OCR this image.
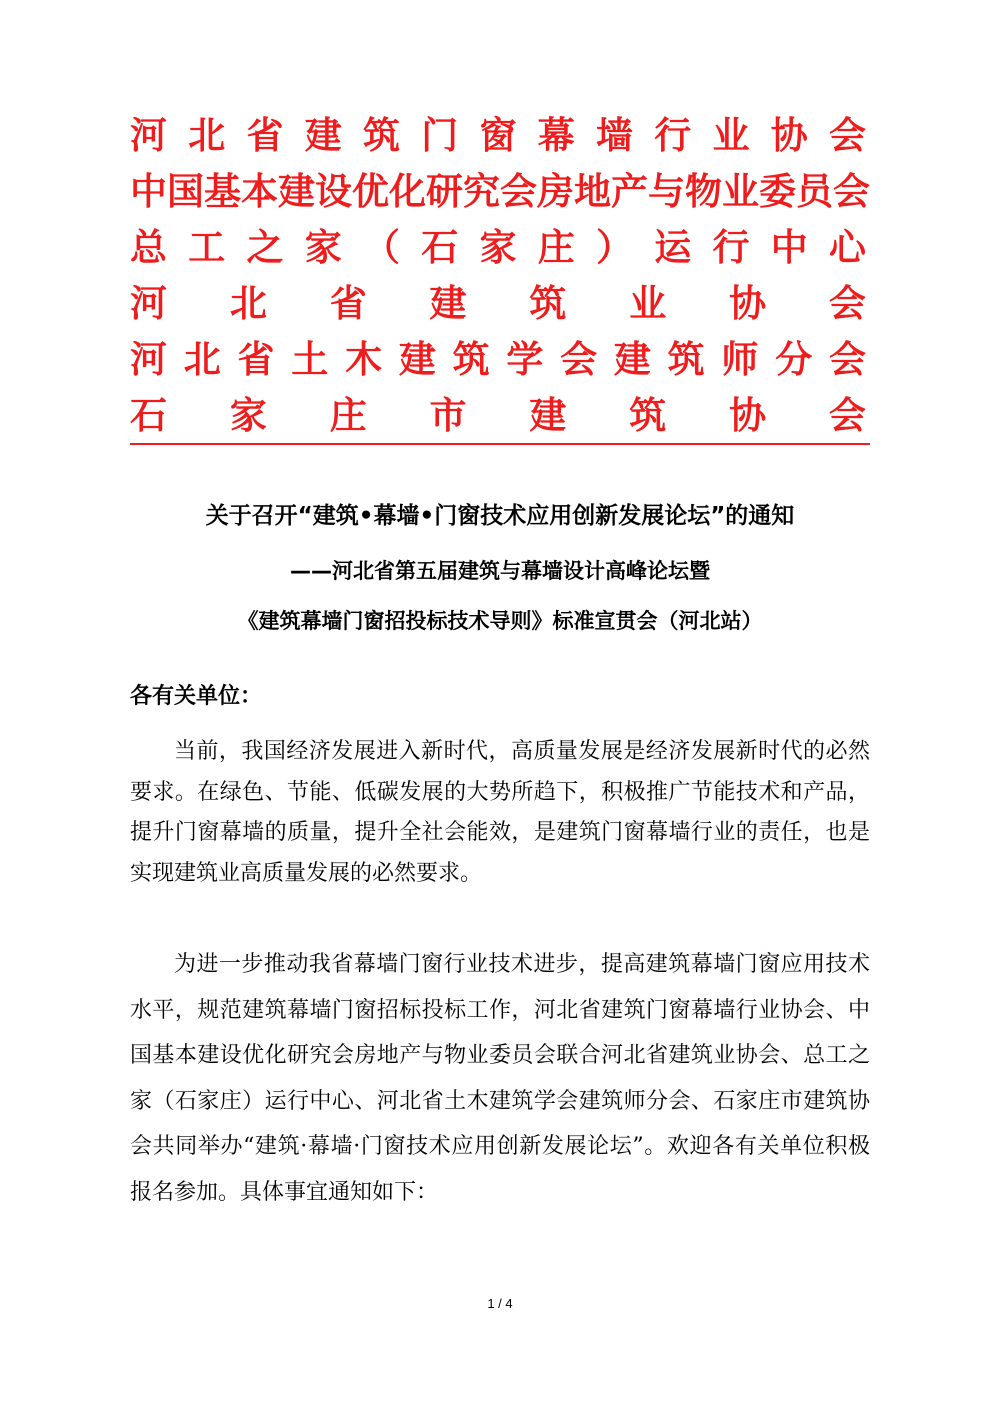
河 北 省 建 筑 门 窗 幕 墙 行 业 协 会
中 国 基 本 建 设 优 化 研 究 会 房 地 产 与 物 业 委 员 会
总 工 之 家 （ 石 家 庄 ） 运 行 中 心
河 北 省 建 筑 业 协 会
河 北 省 土 木 建 筑 学 会 建 筑 师 分 会
石 家 庄 市 建 筑 协 会
关于召开“建筑•幕墙•门窗技术应用创新发展论坛”的通知
——河北省第五届建筑与幕墙设计高峰论坛暨
《建筑幕墙门窗招投标技术导则》标准宣贯会（河北站）
各有关单位：
当前，我国经济发展进入新时代，高质量发展是经济发展新时代的必然要求。在绿色、节能、低碳发展的大势所趋下，积极推广节能技术和产品，提升门窗幕墙的质量，提升全社会能效，是建筑门窗幕墙行业的责任，也是实现建筑业高质量发展的必然要求。
为进一步推动我省幕墙门窗行业技术进步，提高建筑幕墙门窗应用技术水平，规范建筑幕墙门窗招标投标工作，河北省建筑门窗幕墙行业协会、中国基本建设优化研究会房地产与物业委员会联合河北省建筑业协会、总工之家（石家庄）运行中心、河北省土木建筑学会建筑师分会、石家庄市建筑协会共同举办“建筑·幕墙·门窗技术应用创新发展论坛”。欢迎各有关单位积极报名参加。具体事宜通知如下：
1 / 4
